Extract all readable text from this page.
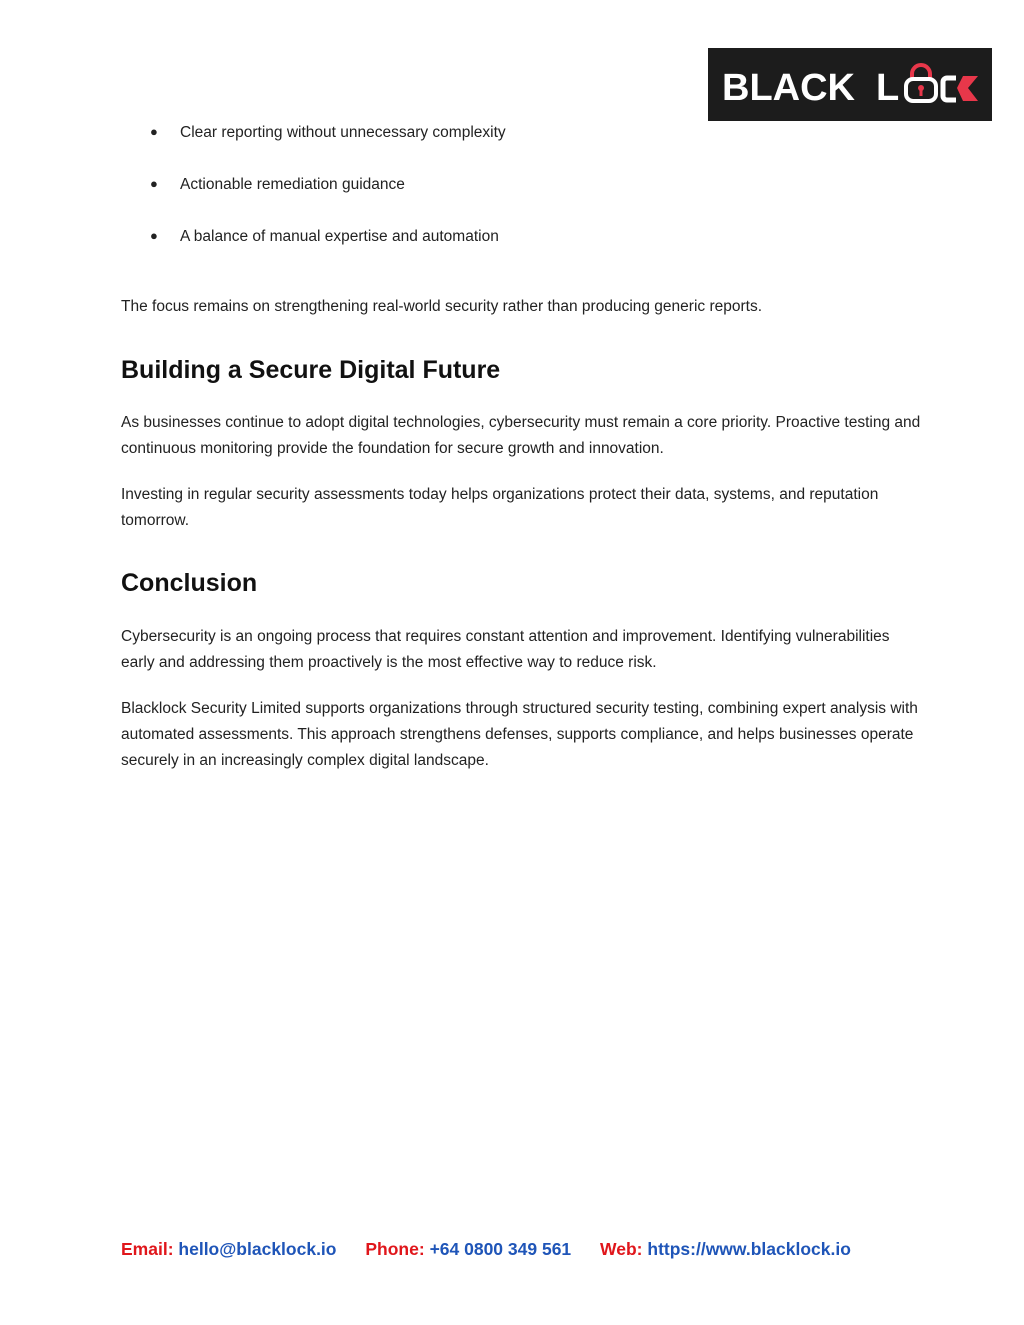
BLACK L
● Clear reporting without unnecessary complexity
● Actionable remediation guidance
● A balance of manual expertise and automation

The focus remains on strengthening real-world security rather than producing generic reports.

Building a Secure Digital Future

As businesses continue to adopt digital technologies, cybersecurity must remain a core priority. Proactive testing and continuous monitoring provide the foundation for secure growth and innovation.

Investing in regular security assessments today helps organizations protect their data, systems, and reputation tomorrow.

Conclusion

Cybersecurity is an ongoing process that requires constant attention and improvement. Identifying vulnerabilities early and addressing them proactively is the most effective way to reduce risk.

Blacklock Security Limited supports organizations through structured security testing, combining expert analysis with automated assessments. This approach strengthens defenses, supports compliance, and helps businesses operate securely in an increasingly complex digital landscape.

Email: hello@blacklock.io Phone: +64 0800 349 561 Web: https://www.blacklock.io
